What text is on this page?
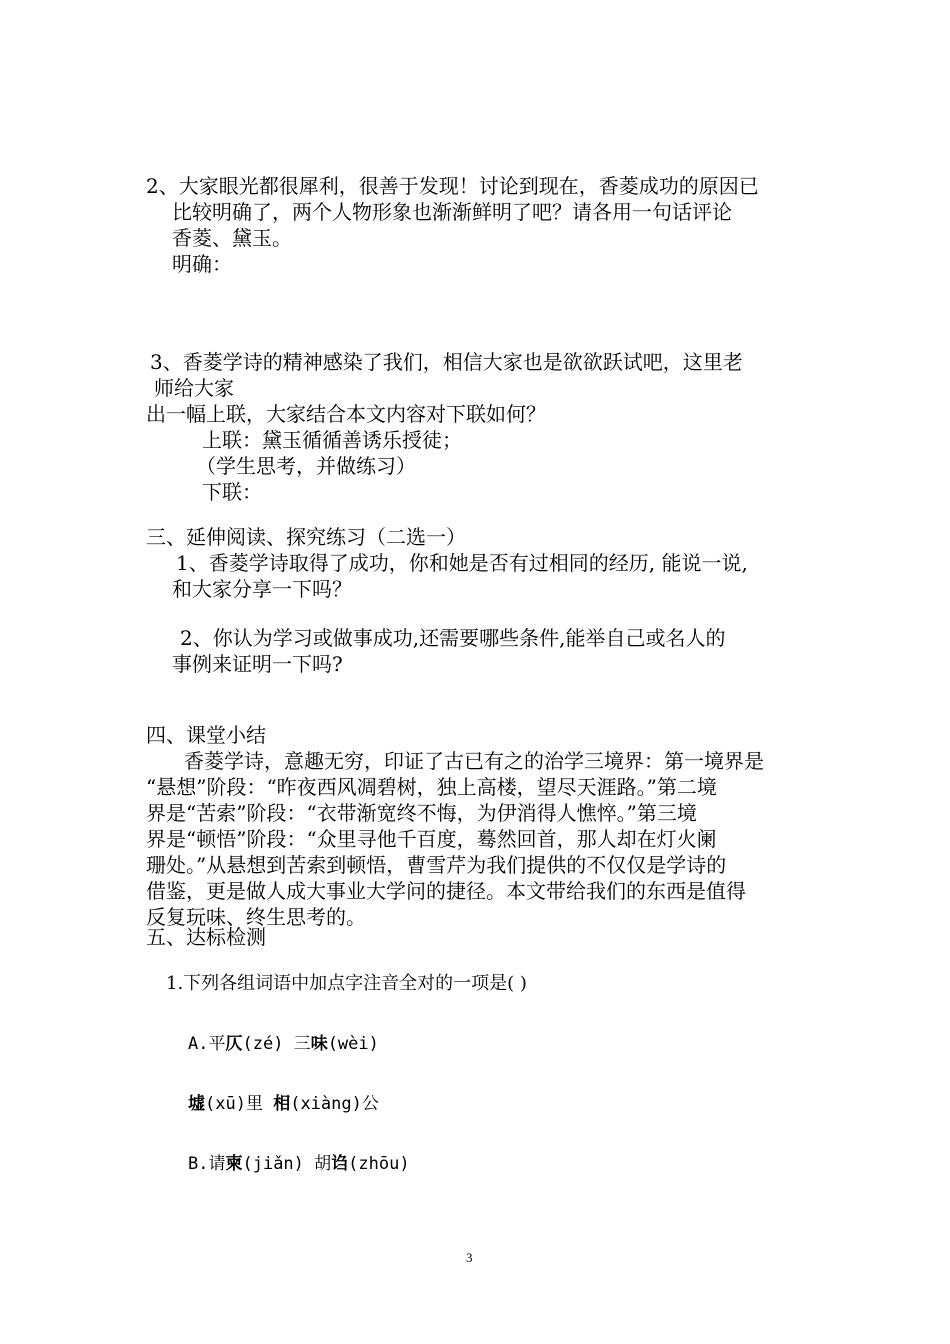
2、大家眼光都很犀利，很善于发现！讨论到现在，香菱成功的原因已
比较明确了，两个人物形象也渐渐鲜明了吧？请各用一句话评论
香菱、黛玉。
明确：
3、香菱学诗的精神感染了我们，相信大家也是欲欲跃试吧，这里老
师给大家
出一幅上联，大家结合本文内容对下联如何？
上联：黛玉循循善诱乐授徒；
（学生思考，并做练习）
下联：
三、延伸阅读、探究练习（二选一）
1、香菱学诗取得了成功，你和她是否有过相同的经历, 能说一说,
和大家分享一下吗？
2、你认为学习或做事成功,还需要哪些条件,能举自己或名人的
事例来证明一下吗?
四、课堂小结
香菱学诗，意趣无穷，印证了古已有之的治学三境界：第一境界是
“悬想”阶段：“昨夜西风凋碧树，独上高楼，望尽天涯路。”第二境
界是“苦索”阶段：“衣带渐宽终不悔，为伊消得人憔悴。”第三境
界是“顿悟”阶段：“众里寻他千百度，蓦然回首，那人却在灯火阑
珊处。”从悬想到苦索到顿悟，曹雪芹为我们提供的不仅仅是学诗的
借鉴，更是做人成大事业大学问的捷径。本文带给我们的东西是值得
反复玩味、终生思考的。
五、达标检测
1.下列各组词语中加点字注音全对的一项是( )
A.平仄(zé) 三味(wèi)
墟(xū)里 相(xiàng)公
B.请柬(jiǎn) 胡诌(zhōu)
3
